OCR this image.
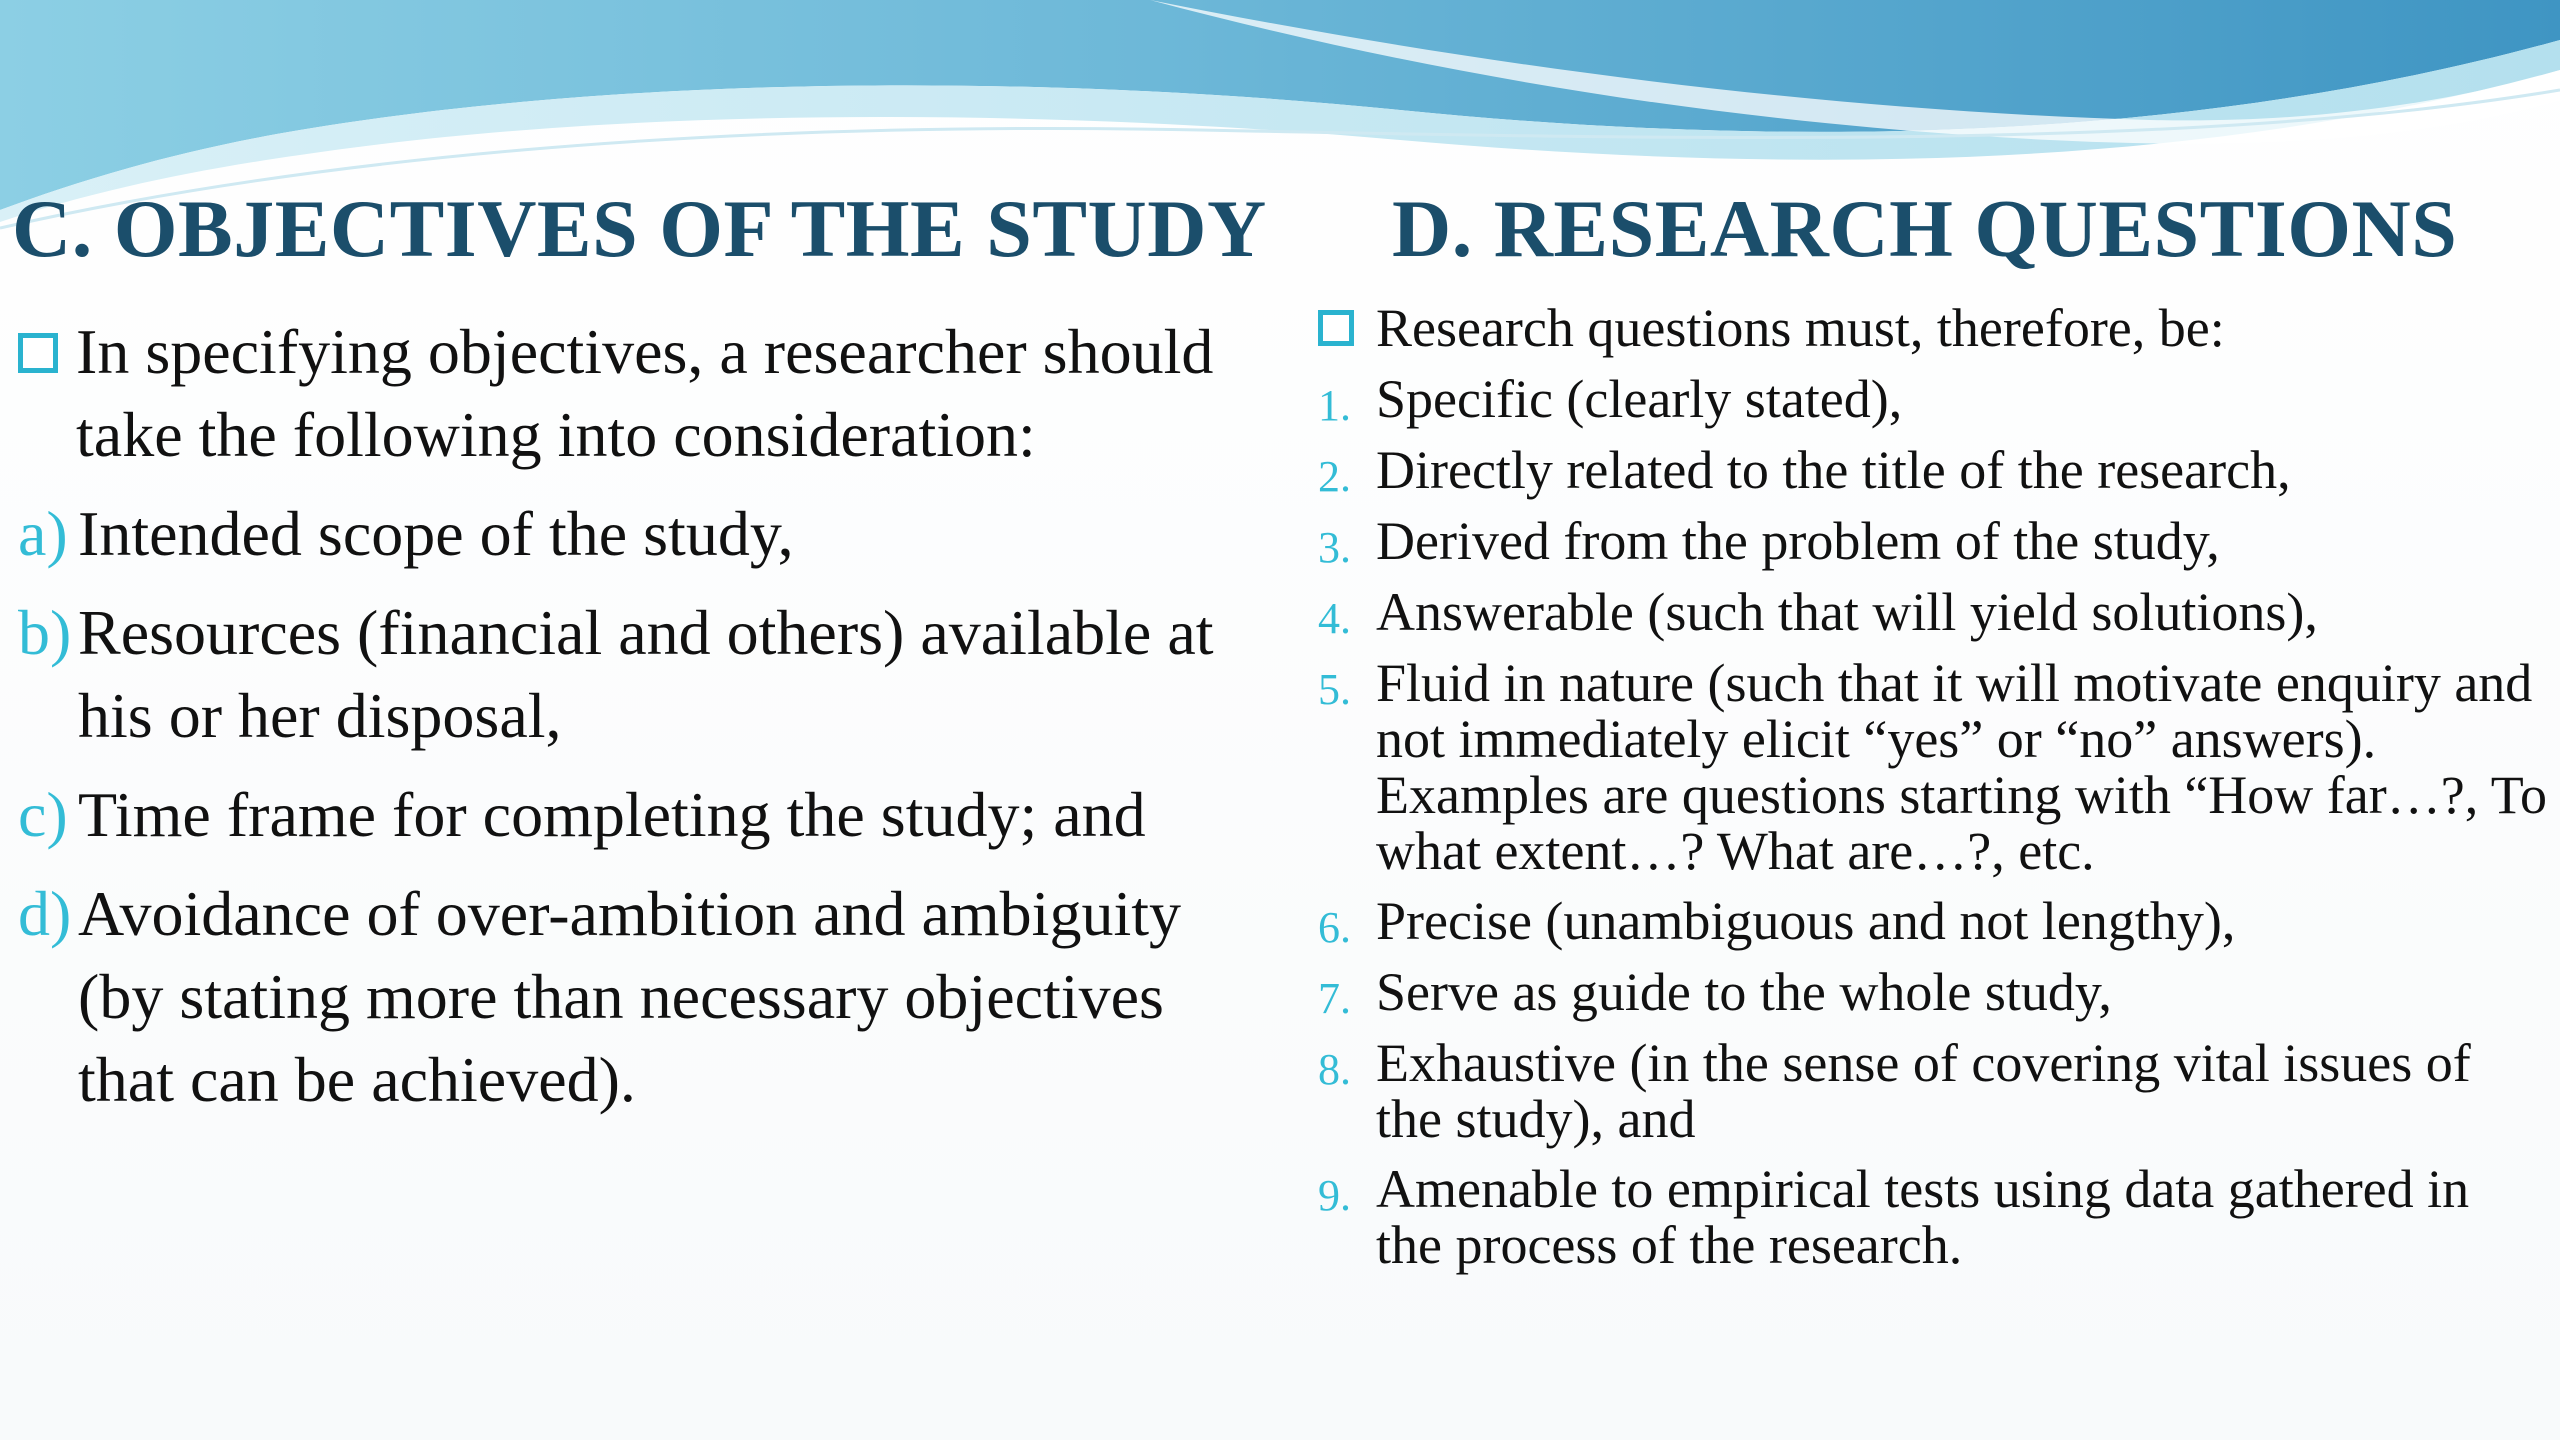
C. OBJECTIVES OF THE STUDY D. RESEARCH QUESTIONS
In specifying objectives, a researcher should take the following into consideration:
a) Intended scope of the study,
b) Resources (financial and others) available at his or her disposal,
c) Time frame for completing the study; and
d) Avoidance of over-ambition and ambiguity (by stating more than necessary objectives that can be achieved).
Research questions must, therefore, be:
1. Specific (clearly stated),
2. Directly related to the title of the research,
3. Derived from the problem of the study,
4. Answerable (such that will yield solutions),
5. Fluid in nature (such that it will motivate enquiry and not immediately elicit “yes” or “no” answers). Examples are questions starting with “How far…?, To what extent…? What are…?, etc.
6. Precise (unambiguous and not lengthy),
7. Serve as guide to the whole study,
8. Exhaustive (in the sense of covering vital issues of the study), and
9. Amenable to empirical tests using data gathered in the process of the research.
